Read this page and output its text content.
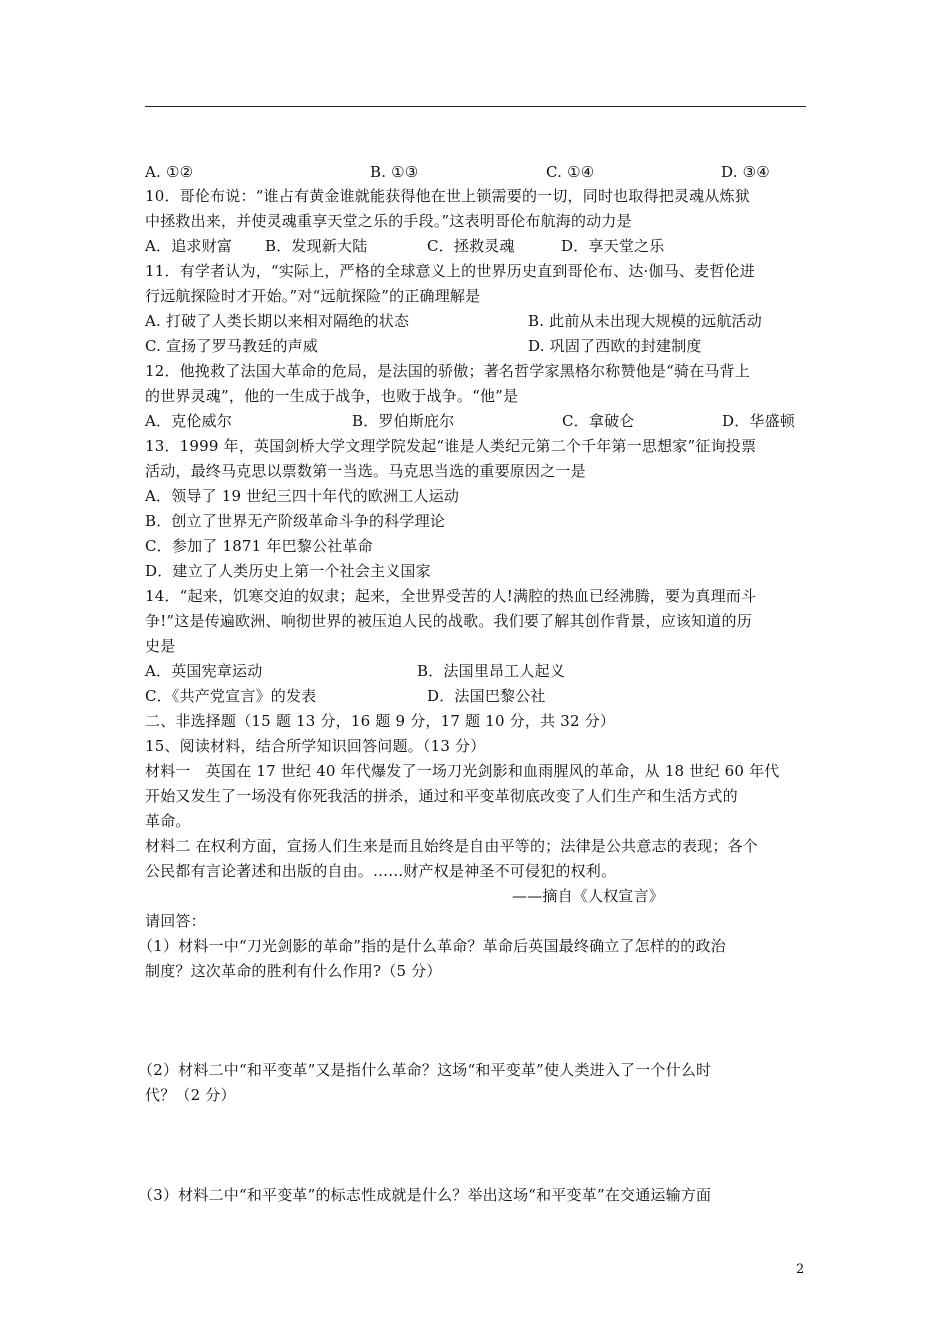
A. ①②	B. ①③	C. ①④	D. ③④
10．哥伦布说：“谁占有黄金谁就能获得他在世上锁需要的一切，同时也取得把灵魂从炼狱
中拯救出来，并使灵魂重享天堂之乐的手段。”这表明哥伦布航海的动力是
A．追求财富 B．发现新大陆	C．拯救灵魂	D．享天堂之乐
11．有学者认为，“实际上，严格的全球意义上的世界历史直到哥伦布、达·伽马、麦哲伦进
行远航探险时才开始。”对“远航探险”的正确理解是
A. 打破了人类长期以来相对隔绝的状态	B. 此前从未出现大规模的远航活动
C. 宣扬了罗马教廷的声威	D. 巩固了西欧的封建制度
12．他挽救了法国大革命的危局，是法国的骄傲；著名哲学家黑格尔称赞他是“骑在马背上
的世界灵魂”，他的一生成于战争，也败于战争。“他”是
A．克伦威尔	B．罗伯斯庇尔	C．拿破仑	D．华盛顿
13．1999 年，英国剑桥大学文理学院发起“谁是人类纪元第二个千年第一思想家”征询投票
活动，最终马克思以票数第一当选。马克思当选的重要原因之一是
A．领导了 19 世纪三四十年代的欧洲工人运动
B．创立了世界无产阶级革命斗争的科学理论
C．参加了 1871 年巴黎公社革命
D．建立了人类历史上第一个社会主义国家
14．“起来，饥寒交迫的奴隶；起来，全世界受苦的人!满腔的热血已经沸腾，要为真理而斗
争!”这是传遍欧洲、响彻世界的被压迫人民的战歌。我们要了解其创作背景，应该知道的历
史是
A．英国宪章运动	B．法国里昂工人起义
C．《共产党宣言》的发表	D．法国巴黎公社
二、非选择题（15 题 13 分，16 题 9 分，17 题 10 分，共 32 分）
15、阅读材料，结合所学知识回答问题。（13 分）
材料一　英国在 17 世纪 40 年代爆发了一场刀光剑影和血雨腥风的革命，从 18 世纪 60 年代
开始又发生了一场没有你死我活的拼杀，通过和平变革彻底改变了人们生产和生活方式的
革命。
材料二 在权利方面，宣扬人们生来是而且始终是自由平等的；法律是公共意志的表现；各个
公民都有言论著述和出版的自由。……财产权是神圣不可侵犯的权利。
——摘自《人权宣言》
请回答：
（1）材料一中“刀光剑影的革命”指的是什么革命？革命后英国最终确立了怎样的的政治
制度？这次革命的胜利有什么作用?（5 分）
（2）材料二中“和平变革”又是指什么革命？这场“和平变革”使人类进入了一个什么时
代？（2 分）
（3）材料二中“和平变革”的标志性成就是什么？举出这场“和平变革”在交通运输方面
2
